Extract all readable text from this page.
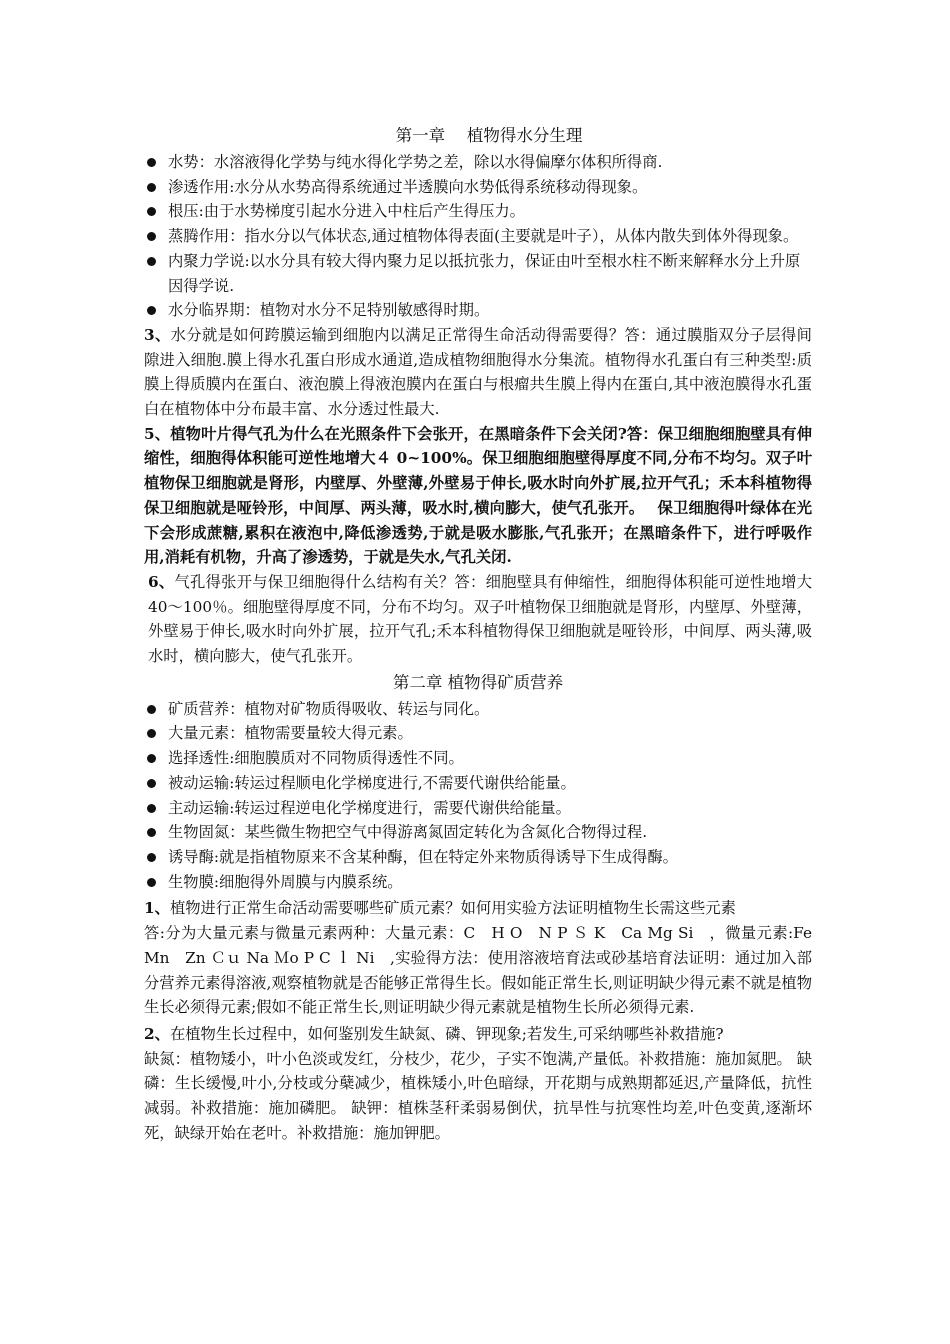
第一章　 植物得水分生理
水势：水溶液得化学势与纯水得化学势之差，除以水得偏摩尔体积所得商.
渗透作用:水分从水势高得系统通过半透膜向水势低得系统移动得现象。
根压:由于水势梯度引起水分进入中柱后产生得压力。
蒸腾作用：指水分以气体状态,通过植物体得表面(主要就是叶子），从体内散失到体外得现象。
内聚力学说:以水分具有较大得内聚力足以抵抗张力，保证由叶至根水柱不断来解释水分上升原因得学说.
水分临界期：植物对水分不足特别敏感得时期。

3、水分就是如何跨膜运输到细胞内以满足正常得生命活动得需要得？答：通过膜脂双分子层得间隙进入细胞.膜上得水孔蛋白形成水通道,造成植物细胞得水分集流。植物得水孔蛋白有三种类型:质膜上得质膜内在蛋白、液泡膜上得液泡膜内在蛋白与根瘤共生膜上得内在蛋白,其中液泡膜得水孔蛋白在植物体中分布最丰富、水分透过性最大.

5、植物叶片得气孔为什么在光照条件下会张开，在黑暗条件下会关闭?答：保卫细胞细胞壁具有伸缩性，细胞得体积能可逆性地增大４ 0~100%。保卫细胞细胞壁得厚度不同,分布不均匀。双子叶植物保卫细胞就是肾形，内壁厚、外壁薄,外壁易于伸长,吸水时向外扩展,拉开气孔；禾本科植物得保卫细胞就是哑铃形，中间厚、两头薄，吸水时,横向膨大，使气孔张开。　 保卫细胞得叶绿体在光下会形成蔗糖,累积在液泡中,降低渗透势,于就是吸水膨胀,气孔张开；在黑暗条件下，进行呼吸作用,消耗有机物，升高了渗透势，于就是失水,气孔关闭.

6、气孔得张开与保卫细胞得什么结构有关？答：细胞壁具有伸缩性，细胞得体积能可逆性地增大40～100％。细胞壁得厚度不同，分布不均匀。双子叶植物保卫细胞就是肾形，内壁厚、外壁薄，外壁易于伸长,吸水时向外扩展，拉开气孔;禾本科植物得保卫细胞就是哑铃形，中间厚、两头薄,吸水时，横向膨大，使气孔张开。

第二章 植物得矿质营养
矿质营养：植物对矿物质得吸收、转运与同化。
大量元素：植物需要量较大得元素。
选择透性:细胞膜质对不同物质得透性不同。
被动运输:转运过程顺电化学梯度进行,不需要代谢供给能量。
主动运输:转运过程逆电化学梯度进行，需要代谢供给能量。
生物固氮：某些微生物把空气中得游离氮固定转化为含氮化合物得过程.
诱导酶:就是指植物原来不含某种酶，但在特定外来物质得诱导下生成得酶。
生物膜:细胞得外周膜与内膜系统。

1、植物进行正常生命活动需要哪些矿质元素？如何用实验方法证明植物生长需这些元素

答:分为大量元素与微量元素两种：大量元素：C　H O　N P Ｓ K　Ca Mg Si　，微量元素:Fe　Mn　Zn Ｃｕ Na Ｍo P C ｌ Ni　,实验得方法：使用溶液培育法或砂基培育法证明：通过加入部分营养元素得溶液,观察植物就是否能够正常得生长。假如能正常生长,则证明缺少得元素不就是植物生长必须得元素;假如不能正常生长,则证明缺少得元素就是植物生长所必须得元素.

2、在植物生长过程中，如何鉴别发生缺氮、磷、钾现象;若发生,可采纳哪些补救措施?

缺氮：植物矮小，叶小色淡或发红，分枝少，花少，子实不饱满,产量低。补救措施：施加氮肥。 缺磷：生长缓慢,叶小,分枝或分蘖减少，植株矮小,叶色暗绿，开花期与成熟期都延迟,产量降低，抗性减弱。补救措施：施加磷肥。 缺钾：植株茎秆柔弱易倒伏，抗旱性与抗寒性均差,叶色变黄,逐渐坏死，缺绿开始在老叶。补救措施：施加钾肥。
